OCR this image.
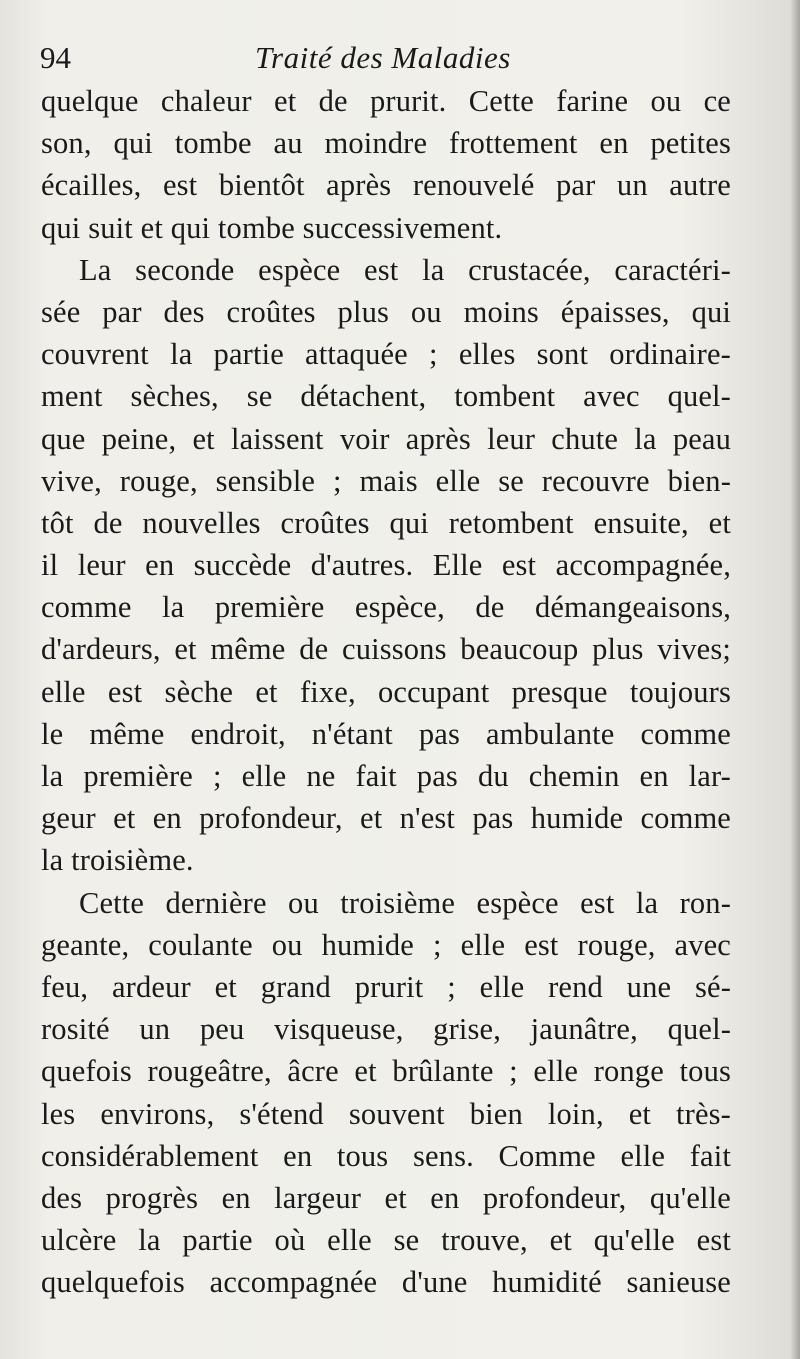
94	Traité des Maladies
quelque chaleur et de prurit. Cette farine ou ce
son, qui tombe au moindre frottement en petites
écailles, est bientôt après renouvelé par un autre
qui suit et qui tombe successivement.
La seconde espèce est la crustacée, caractéri-
sée par des croûtes plus ou moins épaisses, qui
couvrent la partie attaquée ; elles sont ordinaire-
ment sèches, se détachent, tombent avec quel-
que peine, et laissent voir après leur chute la peau
vive, rouge, sensible ; mais elle se recouvre bien-
tôt de nouvelles croûtes qui retombent ensuite, et
il leur en succède d'autres. Elle est accompagnée,
comme la première espèce, de démangeaisons,
d'ardeurs, et même de cuissons beaucoup plus vives;
elle est sèche et fixe, occupant presque toujours
le même endroit, n'étant pas ambulante comme
la première ; elle ne fait pas du chemin en lar-
geur et en profondeur, et n'est pas humide comme
la troisième.
Cette dernière ou troisième espèce est la ron-
geante, coulante ou humide ; elle est rouge, avec
feu, ardeur et grand prurit ; elle rend une sé-
rosité un peu visqueuse, grise, jaunâtre, quel-
quefois rougeâtre, âcre et brûlante ; elle ronge tous
les environs, s'étend souvent bien loin, et très-
considérablement en tous sens. Comme elle fait
des progrès en largeur et en profondeur, qu'elle
ulcère la partie où elle se trouve, et qu'elle est
quelquefois accompagnée d'une humidité sanieuse
